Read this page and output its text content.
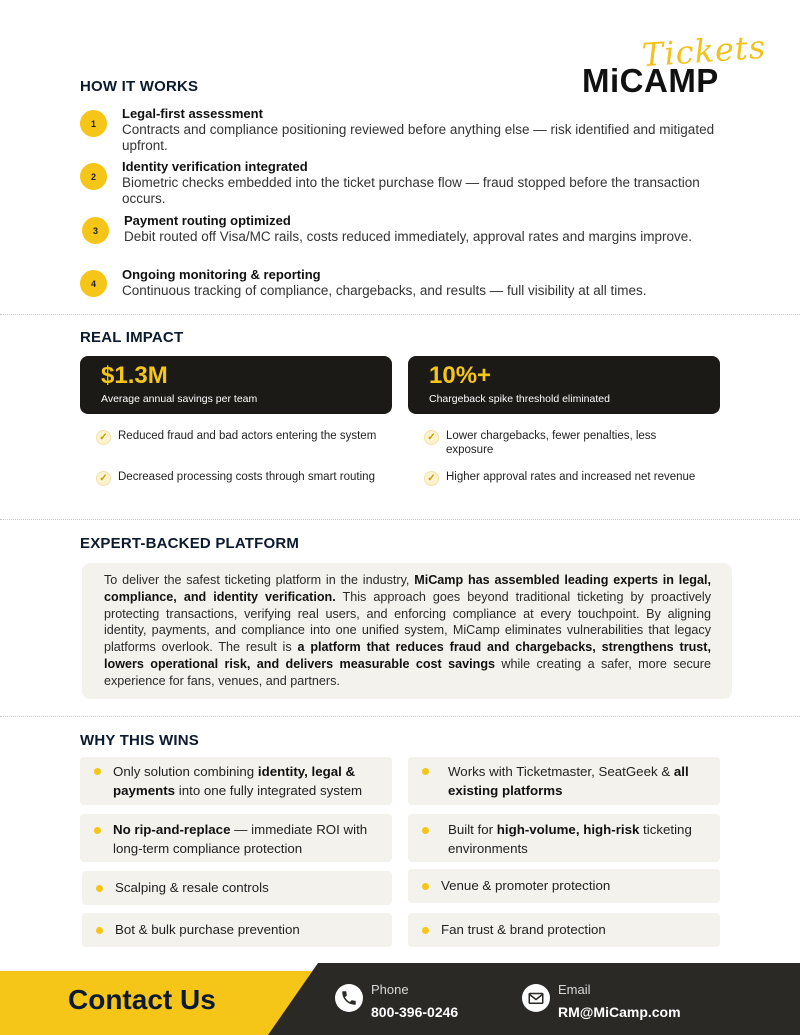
Tickets
MiCAMP
HOW IT WORKS
1
Legal-first assessment
Contracts and compliance positioning reviewed before anything else — risk identified and mitigated upfront.
2
Identity verification integrated
Biometric checks embedded into the ticket purchase flow — fraud stopped before the transaction occurs.
3
Payment routing optimized
Debit routed off Visa/MC rails, costs reduced immediately, approval rates and margins improve.
4
Ongoing monitoring & reporting
Continuous tracking of compliance, chargebacks, and results — full visibility at all times.
REAL IMPACT
$1.3M
Average annual savings per team
10%+
Chargeback spike threshold eliminated
✓ Reduced fraud and bad actors entering the system	✓ Lower chargebacks, fewer penalties, less exposure
✓ Decreased processing costs through smart routing	✓ Higher approval rates and increased net revenue
EXPERT-BACKED PLATFORM

To deliver the safest ticketing platform in the industry, MiCamp has assembled leading experts in legal, compliance, and identity verification. This approach goes beyond traditional ticketing by proactively protecting transactions, verifying real users, and enforcing compliance at every touchpoint. By aligning identity, payments, and compliance into one unified system, MiCamp eliminates vulnerabilities that legacy platforms overlook. The result is a platform that reduces fraud and chargebacks, strengthens trust, lowers operational risk, and delivers measurable cost savings while creating a safer, more secure experience for fans, venues, and partners.

WHY THIS WINS
Only solution combining identity, legal & payments into one fully integrated system
Works with Ticketmaster, SeatGeek & all existing platforms
No rip-and-replace — immediate ROI with long-term compliance protection
Built for high-volume, high-risk ticketing environments
Scalping & resale controls	Venue & promoter protection
Bot & bulk purchase prevention	Fan trust & brand protection
Contact Us	Phone
800-396-0246
Email
RM@MiCamp.com
